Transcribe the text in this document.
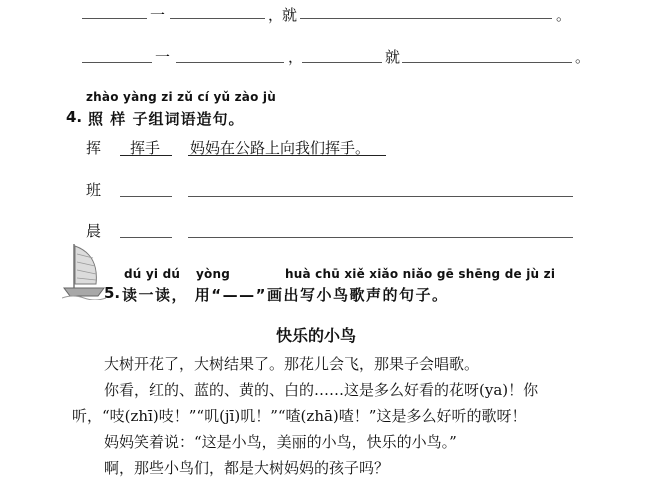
一	，
就	。
一	，	就	。
zhào yàng zi zǔ cí yǔ zào jù
4. 照 样 子组词语造句。
挥 挥手 妈妈在公路上向我们挥手。
班
晨
dú yi dú yòng	huà chū xiě xiǎo niǎo gē shēng de jù zi
5. 读一读， 用“——”画出写小鸟歌声的句子。
快乐的小鸟
大树开花了，大树结果了。那花儿会飞，那果子会唱歌。
你看，红的、蓝的、黄的、白的……这是多么好看的花呀(ya)！你
听，“吱(zhī)吱！”“叽(jī)叽！”“喳(zhā)喳！”这是多么好听的歌呀！
妈妈笑着说：“这是小鸟，美丽的小鸟，快乐的小鸟。”
啊，那些小鸟们，都是大树妈妈的孩子吗？
